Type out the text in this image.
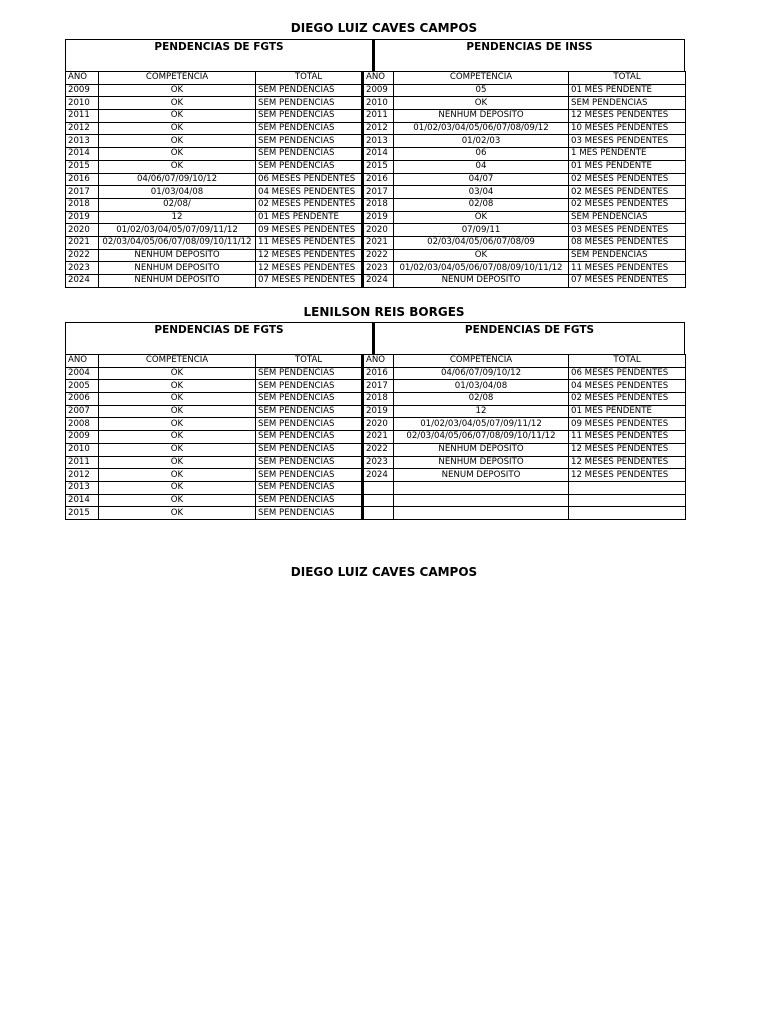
DIEGO LUIZ CAVES CAMPOS
PENDENCIAS DE FGTS	PENDENCIAS DE INSS
ANO	COMPETENCIA	TOTAL	ANO	COMPETENCIA	TOTAL
2009	OK	SEM PENDENCIAS	2009	05	01 MÊS PENDENTE
2010	OK	SEM PENDENCIAS	2010	OK	SEM PENDENCIAS
2011	OK	SEM PENDENCIAS	2011	NENHUM DEPOSITO	12 MESES PENDENTES
2012	OK	SEM PENDENCIAS	2012	01/02/03/04/05/06/07/08/09/12	10 MESES PENDENTES
2013	OK	SEM PENDENCIAS	2013	01/02/03	03 MESES PENDENTES
2014	OK	SEM PENDENCIAS	2014	06	1 MÊS PENDENTE
2015	OK	SEM PENDENCIAS	2015	04	01 MÊS PENDENTE
2016	04/06/07/09/10/12	06 MESES PENDENTES	2016	04/07	02 MESES PENDENTES
2017	01/03/04/08	04 MESES PENDENTES	2017	03/04	02 MESES PENDENTES
2018	02/08/	02 MESES PENDENTES	2018	02/08	02 MESES PENDENTES
2019	12	01 MÊS PENDENTE	2019	OK	SEM PENDENCIAS
2020	01/02/03/04/05/07/09/11/12	09 MESES PENDENTES	2020	07/09/11	03 MESES PENDENTES
2021	02/03/04/05/06/07/08/09/10/11/12	11 MESES PENDENTES	2021	02/03/04/05/06/07/08/09	08 MESES PENDENTES
2022	NENHUM DEPOSITO	12 MESES PENDENTES	2022	OK	SEM PENDENCIAS
2023	NENHUM DEPOSITO	12 MESES PENDENTES	2023	01/02/03/04/05/06/07/08/09/10/11/12	11 MESES PENDENTES
2024	NENHUM DEPOSITO	07 MESES PENDENTES	2024	NENUM DEPOSITO	07 MESES PENDENTES
LENILSON REIS BORGES
PENDENCIAS DE FGTS	PENDENCIAS DE FGTS
ANO	COMPETENCIA	TOTAL	ANO	COMPETENCIA	TOTAL
2004	OK	SEM PENDENCIAS	2016	04/06/07/09/10/12	06 MESES PENDENTES
2005	OK	SEM PENDENCIAS	2017	01/03/04/08	04 MESES PENDENTES
2006	OK	SEM PENDENCIAS	2018	02/08	02 MESES PENDENTES
2007	OK	SEM PENDENCIAS	2019	12	01 MES PENDENTE
2008	OK	SEM PENDENCIAS	2020	01/02/03/04/05/07/09/11/12	09 MESES PENDENTES
2009	OK	SEM PENDENCIAS	2021	02/03/04/05/06/07/08/09/10/11/12	11 MÊSES PENDENTES
2010	OK	SEM PENDENCIAS	2022	NENHUM DEPOSITO	12 MÊSES PENDENTES
2011	OK	SEM PENDENCIAS	2023	NENHUM DEPOSITO	12 MESES PENDENTES
2012	OK	SEM PENDENCIAS	2024	NENUM DEPOSITO	12 MESES PENDENTES
2013	OK	SEM PENDENCIAS			
2014	OK	SEM PENDENCIAS			
2015	OK	SEM PENDENCIAS			
DIEGO LUIZ CAVES CAMPOS
